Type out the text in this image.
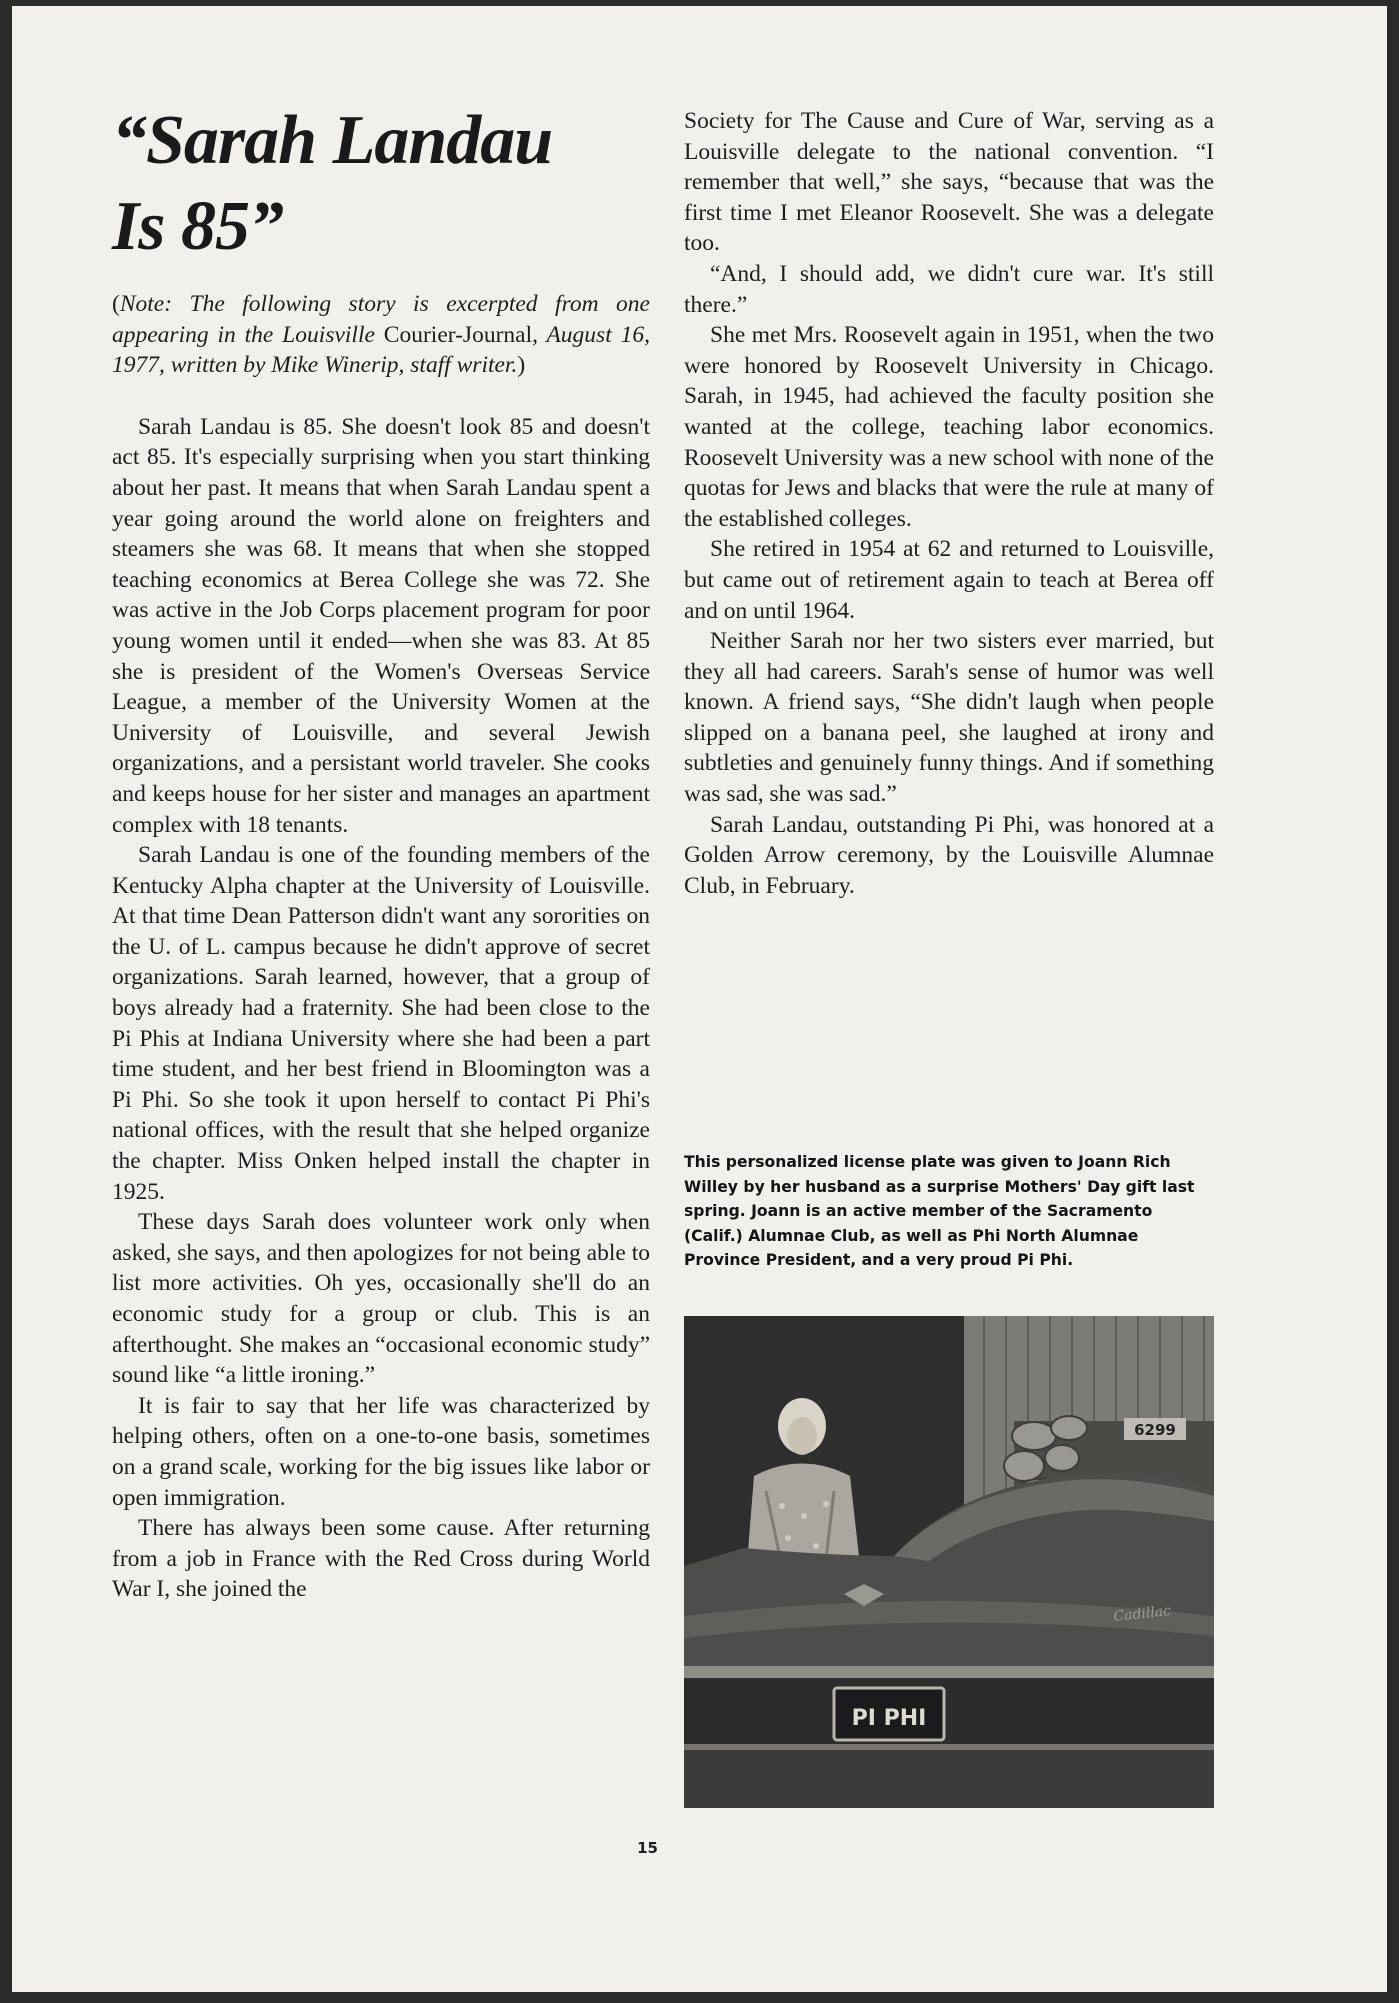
“Sarah Landau
Is 85”

(Note: The following story is excerpted from one appearing in the Louisville Courier-Journal, August 16, 1977, written by Mike Winerip, staff writer.)

Sarah Landau is 85. She doesn't look 85 and doesn't act 85. It's especially surprising when you start thinking about her past. It means that when Sarah Landau spent a year going around the world alone on freighters and steamers she was 68. It means that when she stopped teaching economics at Berea College she was 72. She was active in the Job Corps placement program for poor young women until it ended—when she was 83. At 85 she is president of the Women's Overseas Service League, a member of the University Women at the University of Louisville, and several Jewish organizations, and a persistant world traveler. She cooks and keeps house for her sister and manages an apartment complex with 18 tenants.

Sarah Landau is one of the founding members of the Kentucky Alpha chapter at the University of Louisville. At that time Dean Patterson didn't want any sororities on the U. of L. campus because he didn't approve of secret organizations. Sarah learned, however, that a group of boys already had a fraternity. She had been close to the Pi Phis at Indiana University where she had been a part time student, and her best friend in Bloomington was a Pi Phi. So she took it upon herself to contact Pi Phi's national offices, with the result that she helped organize the chapter. Miss Onken helped install the chapter in 1925.

These days Sarah does volunteer work only when asked, she says, and then apologizes for not being able to list more activities. Oh yes, occasionally she'll do an economic study for a group or club. This is an afterthought. She makes an “occasional economic study” sound like “a little ironing.”

It is fair to say that her life was characterized by helping others, often on a one-to-one basis, sometimes on a grand scale, working for the big issues like labor or open immigration.

There has always been some cause. After returning from a job in France with the Red Cross during World War I, she joined the

Society for The Cause and Cure of War, serving as a Louisville delegate to the national convention. “I remember that well,” she says, “because that was the first time I met Eleanor Roosevelt. She was a delegate too.

“And, I should add, we didn't cure war. It's still there.”

She met Mrs. Roosevelt again in 1951, when the two were honored by Roosevelt University in Chicago. Sarah, in 1945, had achieved the faculty position she wanted at the college, teaching labor economics. Roosevelt University was a new school with none of the quotas for Jews and blacks that were the rule at many of the established colleges.

She retired in 1954 at 62 and returned to Louisville, but came out of retirement again to teach at Berea off and on until 1964.

Neither Sarah nor her two sisters ever married, but they all had careers. Sarah's sense of humor was well known. A friend says, “She didn't laugh when people slipped on a banana peel, she laughed at irony and subtleties and genuinely funny things. And if something was sad, she was sad.”

Sarah Landau, outstanding Pi Phi, was honored at a Golden Arrow ceremony, by the Louisville Alumnae Club, in February.

This personalized license plate was given to Joann Rich Willey by her husband as a surprise Mothers' Day gift last spring. Joann is an active member of the Sacramento (Calif.) Alumnae Club, as well as Phi North Alumnae Province President, and a very proud Pi Phi.

6299
Cadillac
PI PHI
15
